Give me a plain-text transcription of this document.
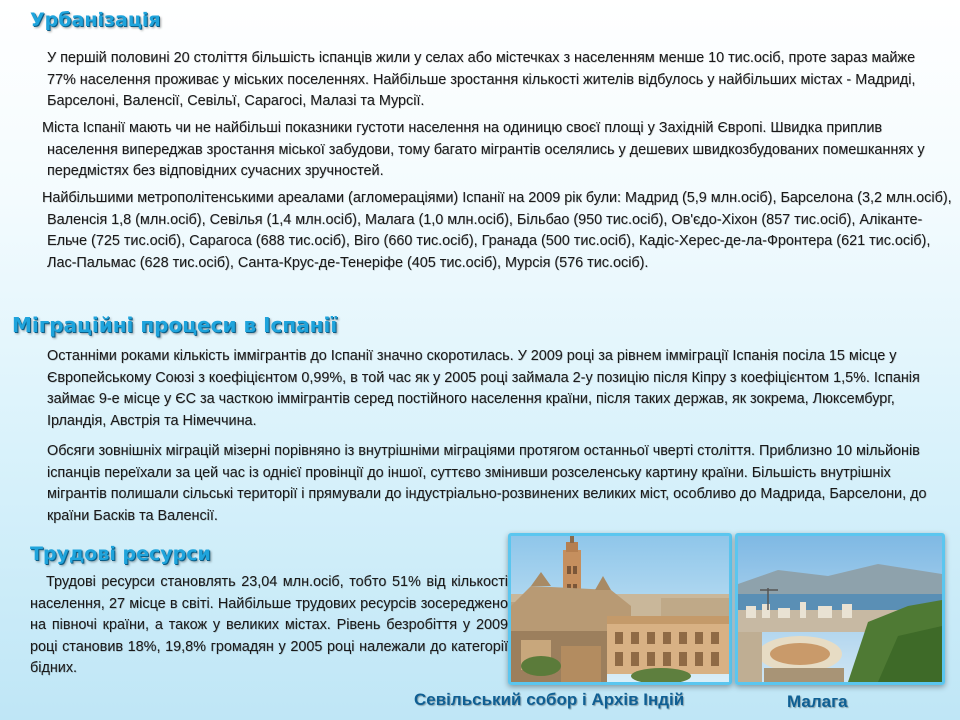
Урбанізація

У першій половині 20 століття більшість іспанців жили у селах або містечках з населенням менше 10 тис.осіб, проте зараз майже 77% населення проживає у міських поселеннях. Найбільше зростання кількості жителів відбулось у найбільших містах - Мадриді, Барселоні, Валенсії, Севільї, Сарагосі, Малазі та Мурсії.

Міста Іспанії мають чи не найбільші показники густоти населення на одиницю своєї площі у Західній Європі. Швидка приплив населення випереджав зростання міської забудови, тому багато мігрантів оселялись у дешевих швидкозбудованих помешканнях у передмістях без відповідних сучасних зручностей.

Найбільшими метрополітенськими ареалами (агломераціями) Іспанії на 2009 рік були: Мадрид (5,9 млн.осіб), Барселона (3,2 млн.осіб), Валенсія 1,8 (млн.осіб), Севілья (1,4 млн.осіб), Малага (1,0 млн.осіб), Більбао (950 тис.осіб), Ов'єдо-Хіхон (857 тис.осіб), Аліканте-Ельче (725 тис.осіб), Сарагоса (688 тис.осіб), Віго (660 тис.осіб), Гранада (500 тис.осіб), Кадіс-Херес-де-ла-Фронтера (621 тис.осіб), Лас-Пальмас (628 тис.осіб), Санта-Крус-де-Тенеріфе (405 тис.осіб), Мурсія (576 тис.осіб).

Міграційні процеси в Іспанії

Останніми роками кількість іммігрантів до Іспанії значно скоротилась. У 2009 році за рівнем імміграції Іспанія посіла 15 місце у Європейському Союзі з коефіцієнтом 0,99%, в той час як у 2005 році займала 2-у позицію після Кіпру з коефіцієнтом 1,5%. Іспанія займає 9-е місце у ЄС за часткою іммігрантів серед постійного населення країни, після таких держав, як зокрема, Люксембург, Ірландія, Австрія та Німеччина.

Обсяги зовнішніх міграцій мізерні порівняно із внутрішніми міграціями протягом останньої чверті століття. Приблизно 10 мільйонів іспанців переїхали за цей час із однієї провінції до іншої, суттєво змінивши розселенську картину країни. Більшість внутрішніх мігрантів полишали сільські території і прямували до індустріально-розвинених великих міст, особливо до Мадрида, Барселони, до країни Басків та Валенсії.

Трудові ресурси

Трудові ресурси становлять 23,04 млн.осіб, тобто 51% від кількості населення, 27 місце в світі. Найбільше трудових ресурсів зосереджено на півночі країни, а також у великих містах. Рівень безробіття у 2009 році становив 18%, 19,8% громадян у 2005 році належали до категорії бідних.

Севільський собор і Архів Індій	Малага
